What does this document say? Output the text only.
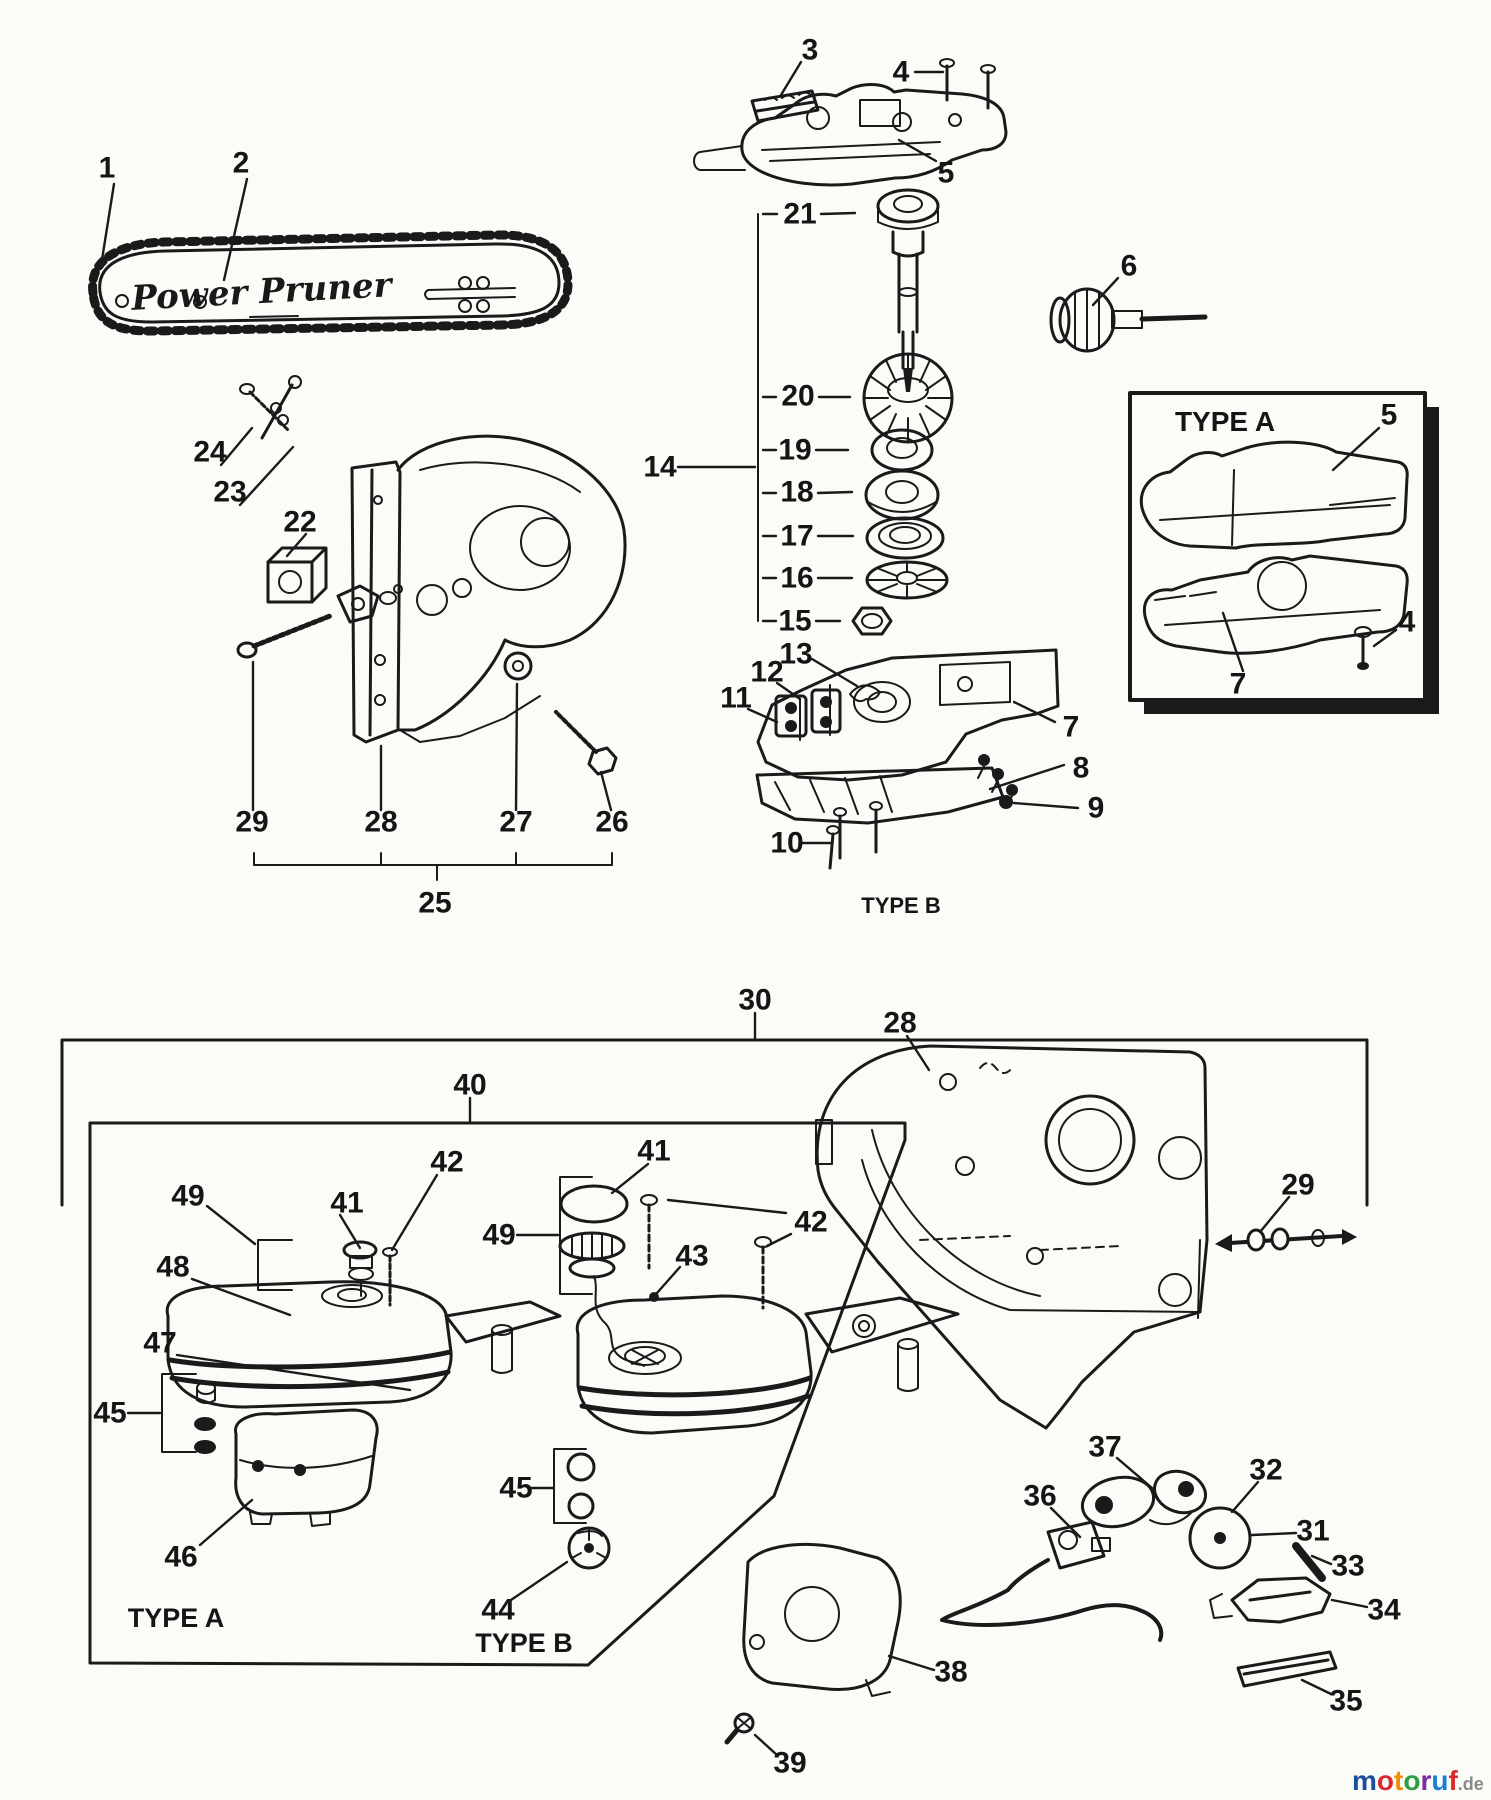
Power Pruner
TYPE B
TYPE A
TYPE A
TYPE B
1	2
3
4
5
21
6
20
19
14
18
17
16
15
13
12
11
7
8
9
10
5
4
7
24
23
22
29	28	27 26
25
30
40
49	41
42
48
47
45
46
41
49
43
42
45
44
28
29
37
32
31
36
33
34
35
38
39
motoruf.de
